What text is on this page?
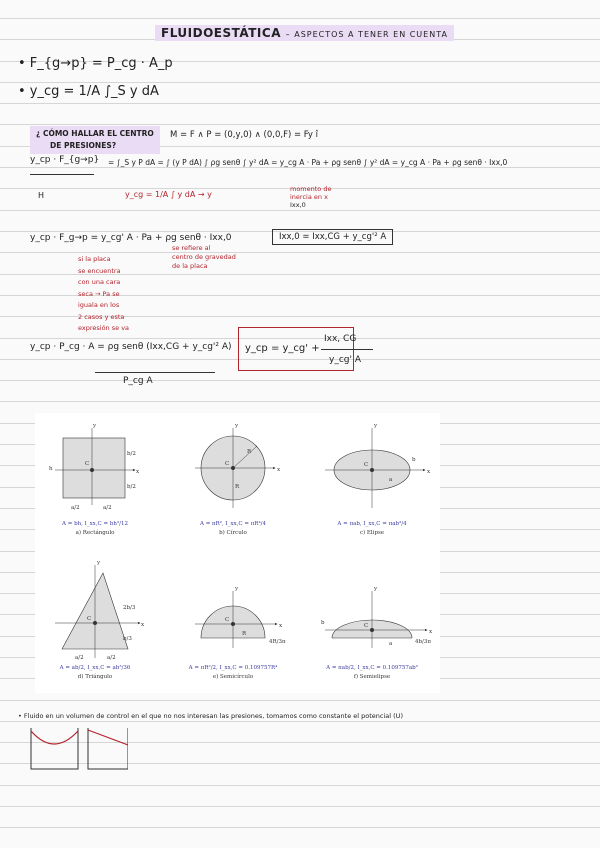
FLUIDOESTÁTICA – ASPECTOS A TENER EN CUENTA
• F_{g→p} = P_cg · A_p
• y_cg = 1/A ∫_S y dA
¿ CÓMO HALLAR EL CENTRO
DE PRESIONES?
M = F ∧ P = (0,y,0) ∧ (0,0,F) = Fy î
y_cp · F_{g→p}
H
= ∫_S y P dA = ∫ (y P dA) ∫ ρg senθ ∫ y² dA = y_cg A · Pa + ρg senθ ∫ y² dA = y_cg A · Pa + ρg senθ · Ixx,0
y_cg = 1/A ∫ y dA → y
momento de
inercia en x
Ixx,0
y_cp · F_g→p = y_cg' A · Pa + ρg senθ · Ixx,0	Ixx,0 = Ixx,CG + y_cg'² A
si la placa
se encuentra
con una cara
seca → Pa se
iguala en los
2 casos y esta
expresión se va
se refiere al
centro de gravedad
de la placa
y_cp · P_cg · A = ρg senθ (Ixx,CG + y_cg'² A)
P_cg A
y_cp = y_cg' +
Ixx, CG
y_cg' A
C
y
x
h
b/2
b/2
a/2	a/2
C
R
R
x
y
C
a
b
x
y
A = bh, I_xx,C = bh³/12
a) Rectángulo
A = πR², I_xx,C = πR⁴/4
b) Círculo
A = πab, I_xx,C = πab³/4
c) Elipse
C
2b/3
b/3
a/2	a/2
y
x
C
R
4R/3π
x
y
C
b
a	4b/3π
x
y
A = ab/2, I_xx,C = ab³/36
d) Triángulo
A = πR²/2, I_xx,C = 0.109757R⁴
e) Semicírculo
A = πab/2, I_xx,C = 0.109757ab³
f) Semielipse
• Fluido en un volumen de control en el que no nos interesan las presiones, tomamos como constante el potencial (U)
